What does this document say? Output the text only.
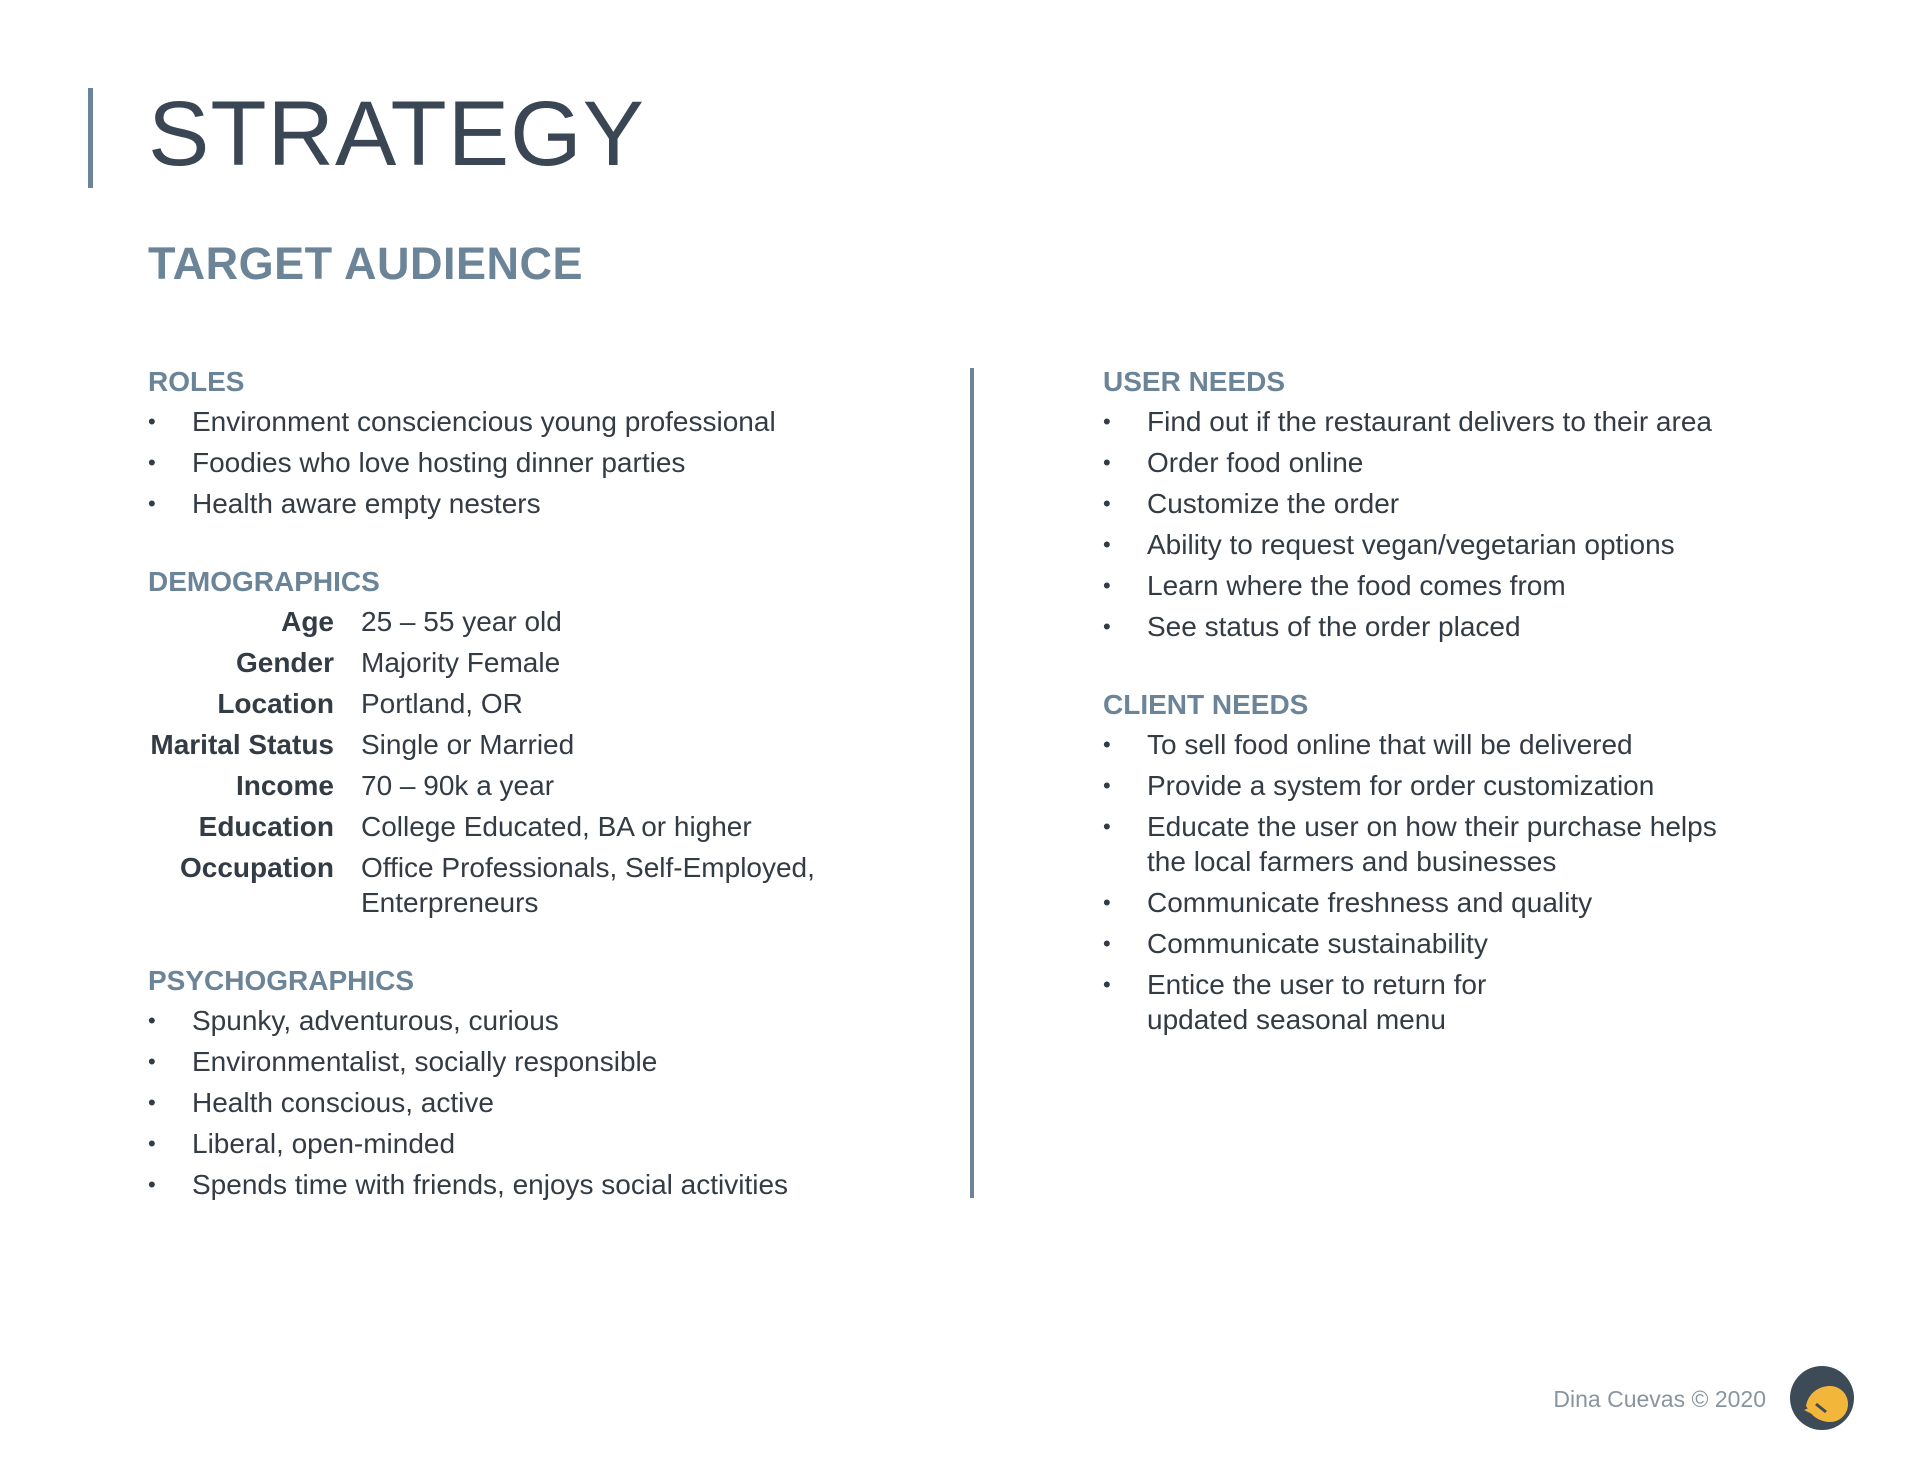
STRATEGY
TARGET AUDIENCE
ROLES
• Environment consciencious young professional
• Foodies who love hosting dinner parties
• Health aware empty nesters
DEMOGRAPHICS
Age 25 – 55 year old
Gender Majority Female
Location Portland, OR
Marital Status Single or Married
Income 70 – 90k a year
Education College Educated, BA or higher
Occupation Office Professionals, Self-Employed, Enterpreneurs
PSYCHOGRAPHICS
• Spunky, adventurous, curious
• Environmentalist, socially responsible
• Health conscious, active
• Liberal, open-minded
• Spends time with friends, enjoys social activities
USER NEEDS
• Find out if the restaurant delivers to their area
• Order food online
• Customize the order
• Ability to request vegan/vegetarian options
• Learn where the food comes from
• See status of the order placed
CLIENT NEEDS
• To sell food online that will be delivered
• Provide a system for order customization
• Educate the user on how their purchase helps the local farmers and businesses
• Communicate freshness and quality
• Communicate sustainability
• Entice the user to return for updated seasonal menu
Dina Cuevas © 2020
